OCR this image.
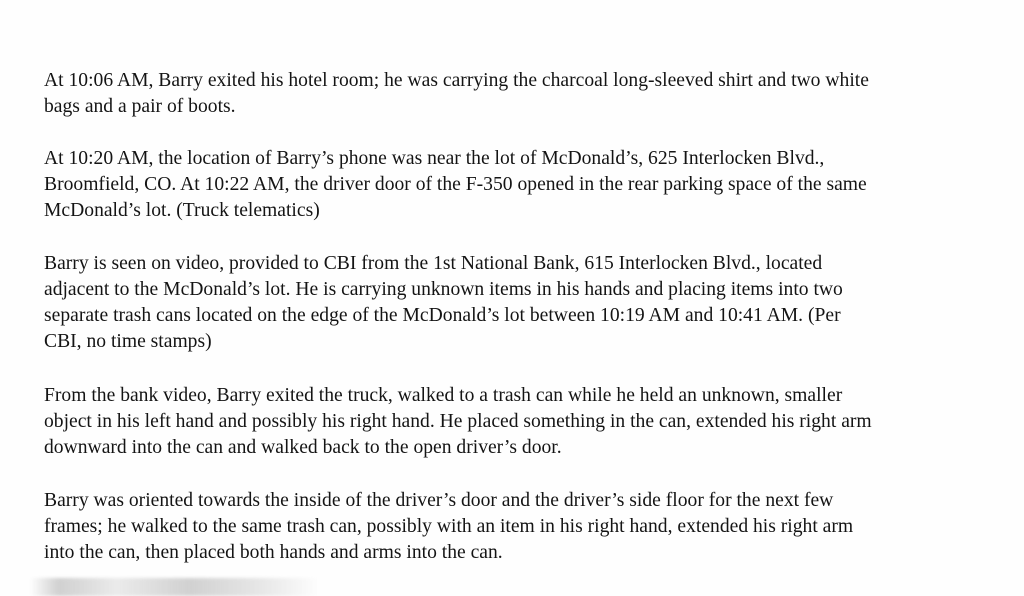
At 10:06 AM, Barry exited his hotel room; he was carrying the charcoal long-sleeved shirt and two white
bags and a pair of boots.

At 10:20 AM, the location of Barry’s phone was near the lot of McDonald’s, 625 Interlocken Blvd.,
Broomfield, CO. At 10:22 AM, the driver door of the F-350 opened in the rear parking space of the same
McDonald’s lot. (Truck telematics)

Barry is seen on video, provided to CBI from the 1st National Bank, 615 Interlocken Blvd., located
adjacent to the McDonald’s lot. He is carrying unknown items in his hands and placing items into two
separate trash cans located on the edge of the McDonald’s lot between 10:19 AM and 10:41 AM. (Per
CBI, no time stamps)

From the bank video, Barry exited the truck, walked to a trash can while he held an unknown, smaller
object in his left hand and possibly his right hand. He placed something in the can, extended his right arm
downward into the can and walked back to the open driver’s door.

Barry was oriented towards the inside of the driver’s door and the driver’s side floor for the next few
frames; he walked to the same trash can, possibly with an item in his right hand, extended his right arm
into the can, then placed both hands and arms into the can.
